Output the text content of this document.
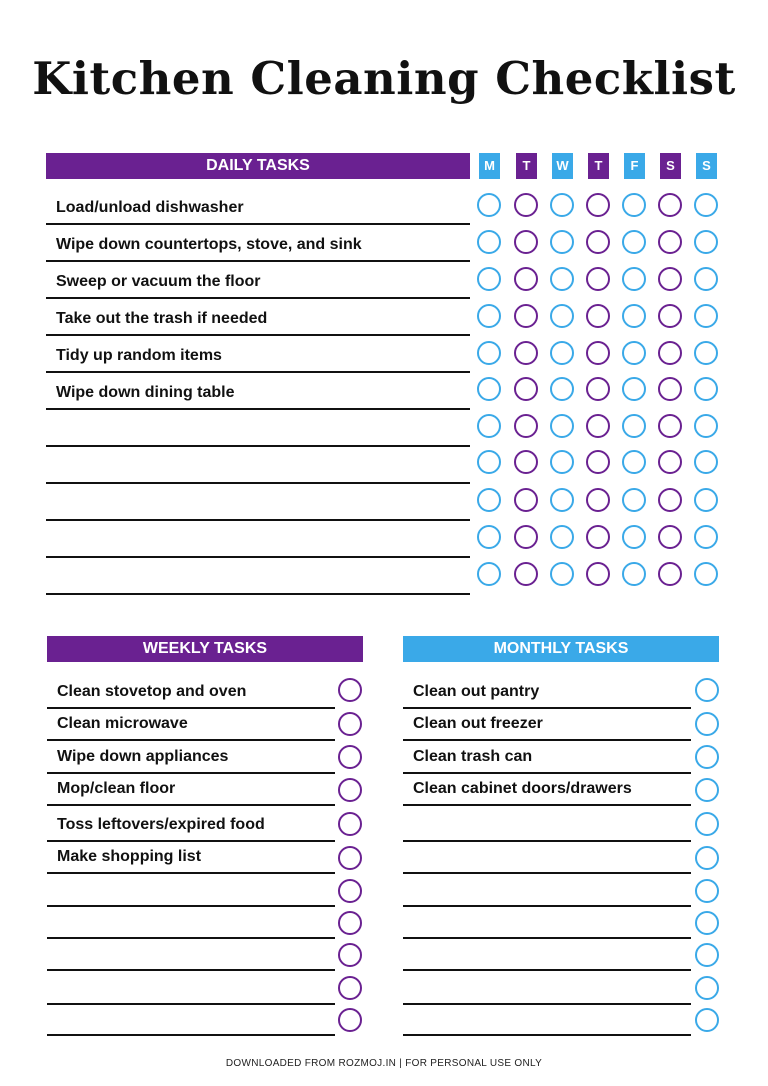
Kitchen Cleaning Checklist
DAILY TASKS	M	T	W	T	F	S	S
Load/unload dishwasher
Wipe down countertops, stove, and sink
Sweep or vacuum the floor
Take out the trash if needed
Tidy up random items
Wipe down dining table
WEEKLY TASKS
Clean stovetop and oven
Clean microwave
Wipe down appliances
Mop/clean floor
Toss leftovers/expired food
Make shopping list
MONTHLY TASKS
Clean out pantry
Clean out freezer
Clean trash can
Clean cabinet doors/drawers
DOWNLOADED FROM ROZMOJ.IN | FOR PERSONAL USE ONLY
